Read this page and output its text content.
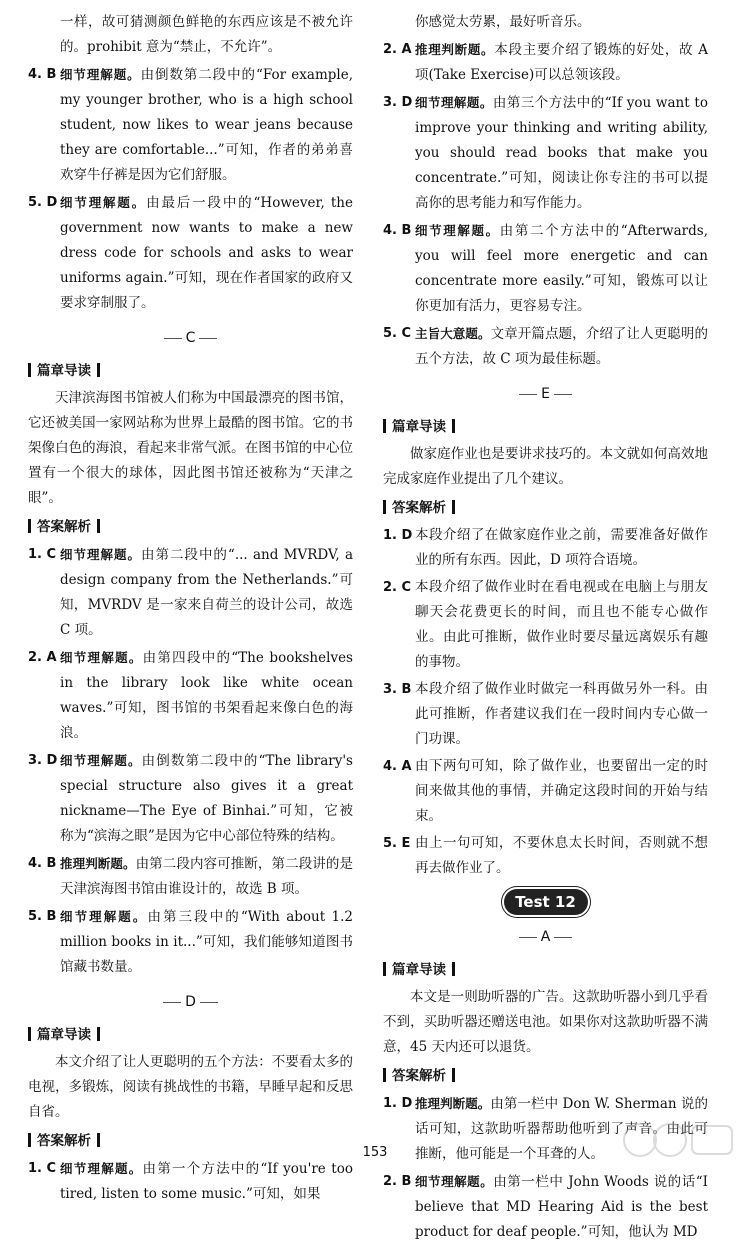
一样，故可猜测颜色鲜艳的东西应该是不被允许的。prohibit 意为“禁止，不允许”。
4. B 细节理解题。由倒数第二段中的“For example, my younger brother, who is a high school student, now likes to wear jeans because they are comfortable...”可知，作者的弟弟喜欢穿牛仔裤是因为它们舒服。
5. D 细节理解题。由最后一段中的“However, the government now wants to make a new dress code for schools and asks to wear uniforms again.”可知，现在作者国家的政府又要求穿制服了。
C
篇章导读
天津滨海图书馆被人们称为中国最漂亮的图书馆，它还被美国一家网站称为世界上最酷的图书馆。它的书架像白色的海浪，看起来非常气派。在图书馆的中心位置有一个很大的球体，因此图书馆还被称为“天津之眼”。
答案解析
1. C 细节理解题。由第二段中的“... and MVRDV, a design company from the Netherlands.”可知，MVRDV 是一家来自荷兰的设计公司，故选 C 项。
2. A 细节理解题。由第四段中的“The bookshelves in the library look like white ocean waves.”可知，图书馆的书架看起来像白色的海浪。
3. D 细节理解题。由倒数第二段中的“The library's special structure also gives it a great nickname—The Eye of Binhai.”可知，它被称为“滨海之眼”是因为它中心部位特殊的结构。
4. B 推理判断题。由第二段内容可推断，第二段讲的是天津滨海图书馆由谁设计的，故选 B 项。
5. B 细节理解题。由第三段中的“With about 1.2 million books in it...”可知，我们能够知道图书馆藏书数量。
D
篇章导读
本文介绍了让人更聪明的五个方法：不要看太多的电视，多锻炼，阅读有挑战性的书籍，早睡早起和反思自省。
答案解析
1. C 细节理解题。由第一个方法中的“If you're too tired, listen to some music.”可知，如果
你感觉太劳累，最好听音乐。
2. A 推理判断题。本段主要介绍了锻炼的好处，故 A 项(Take Exercise)可以总领该段。
3. D 细节理解题。由第三个方法中的“If you want to improve your thinking and writing ability, you should read books that make you concentrate.”可知，阅读让你专注的书可以提高你的思考能力和写作能力。
4. B 细节理解题。由第二个方法中的“Afterwards, you will feel more energetic and can concentrate more easily.”可知，锻炼可以让你更加有活力，更容易专注。
5. C 主旨大意题。文章开篇点题，介绍了让人更聪明的五个方法，故 C 项为最佳标题。
E
篇章导读
做家庭作业也是要讲求技巧的。本文就如何高效地完成家庭作业提出了几个建议。
答案解析
1. D 本段介绍了在做家庭作业之前，需要准备好做作业的所有东西。因此，D 项符合语境。
2. C 本段介绍了做作业时在看电视或在电脑上与朋友聊天会花费更长的时间，而且也不能专心做作业。由此可推断，做作业时要尽量远离娱乐有趣的事物。
3. B 本段介绍了做作业时做完一科再做另外一科。由此可推断，作者建议我们在一段时间内专心做一门功课。
4. A 由下两句可知，除了做作业，也要留出一定的时间来做其他的事情，并确定这段时间的开始与结束。
5. E 由上一句可知，不要休息太长时间，否则就不想再去做作业了。
Test 12
A
篇章导读
本文是一则助听器的广告。这款助听器小到几乎看不到，买助听器还赠送电池。如果你对这款助听器不满意，45 天内还可以退货。
答案解析
1. D 推理判断题。由第一栏中 Don W. Sherman 说的话可知，这款助听器帮助他听到了声音。由此可推断，他可能是一个耳聋的人。
2. B 细节理解题。由第一栏中 John Woods 说的话“I believe that MD Hearing Aid is the best product for deaf people.”可知，他认为 MD
153
